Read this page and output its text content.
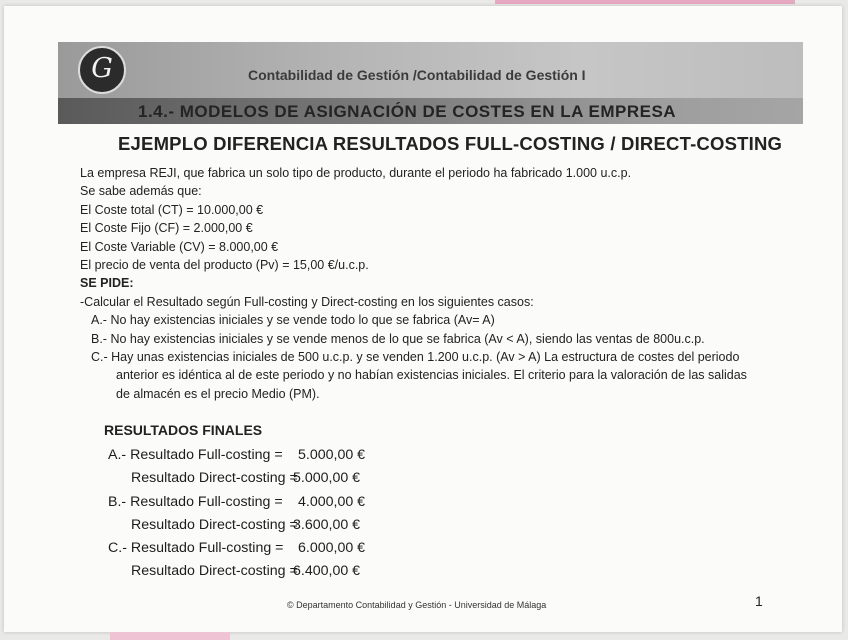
G	Contabilidad de Gestión /Contabilidad de Gestión I
1.4.- MODELOS DE ASIGNACIÓN DE COSTES EN LA EMPRESA
EJEMPLO DIFERENCIA RESULTADOS FULL-COSTING / DIRECT-COSTING
La empresa REJI, que fabrica un solo tipo de producto, durante el periodo ha fabricado 1.000 u.c.p.
Se sabe además que:
El Coste total (CT) = 10.000,00 €
El Coste Fijo (CF) = 2.000,00 €
El Coste Variable (CV) = 8.000,00 €
El precio de venta del producto (Pv) = 15,00 €/u.c.p.
SE PIDE:
-Calcular el Resultado según Full-costing y Direct-costing en los siguientes casos:
A.- No hay existencias iniciales y se vende todo lo que se fabrica (Av= A)
B.- No hay existencias iniciales y se vende menos de lo que se fabrica (Av < A), siendo las ventas de 800u.c.p.
C.- Hay unas existencias iniciales de 500 u.c.p. y se venden 1.200 u.c.p. (Av > A) La estructura de costes del periodo
anterior es idéntica al de este periodo y no habían existencias iniciales. El criterio para la valoración de las salidas
de almacén es el precio Medio (PM).
RESULTADOS FINALES
A.- Resultado Full-costing = 5.000,00 €
Resultado Direct-costing =
5.000,00 €
B.- Resultado Full-costing = 4.000,00 €
Resultado Direct-costing =
3.600,00 €
C.- Resultado Full-costing = 6.000,00 €
Resultado Direct-costing =
6.400,00 €
© Departamento Contabilidad y Gestión - Universidad de Málaga	1
